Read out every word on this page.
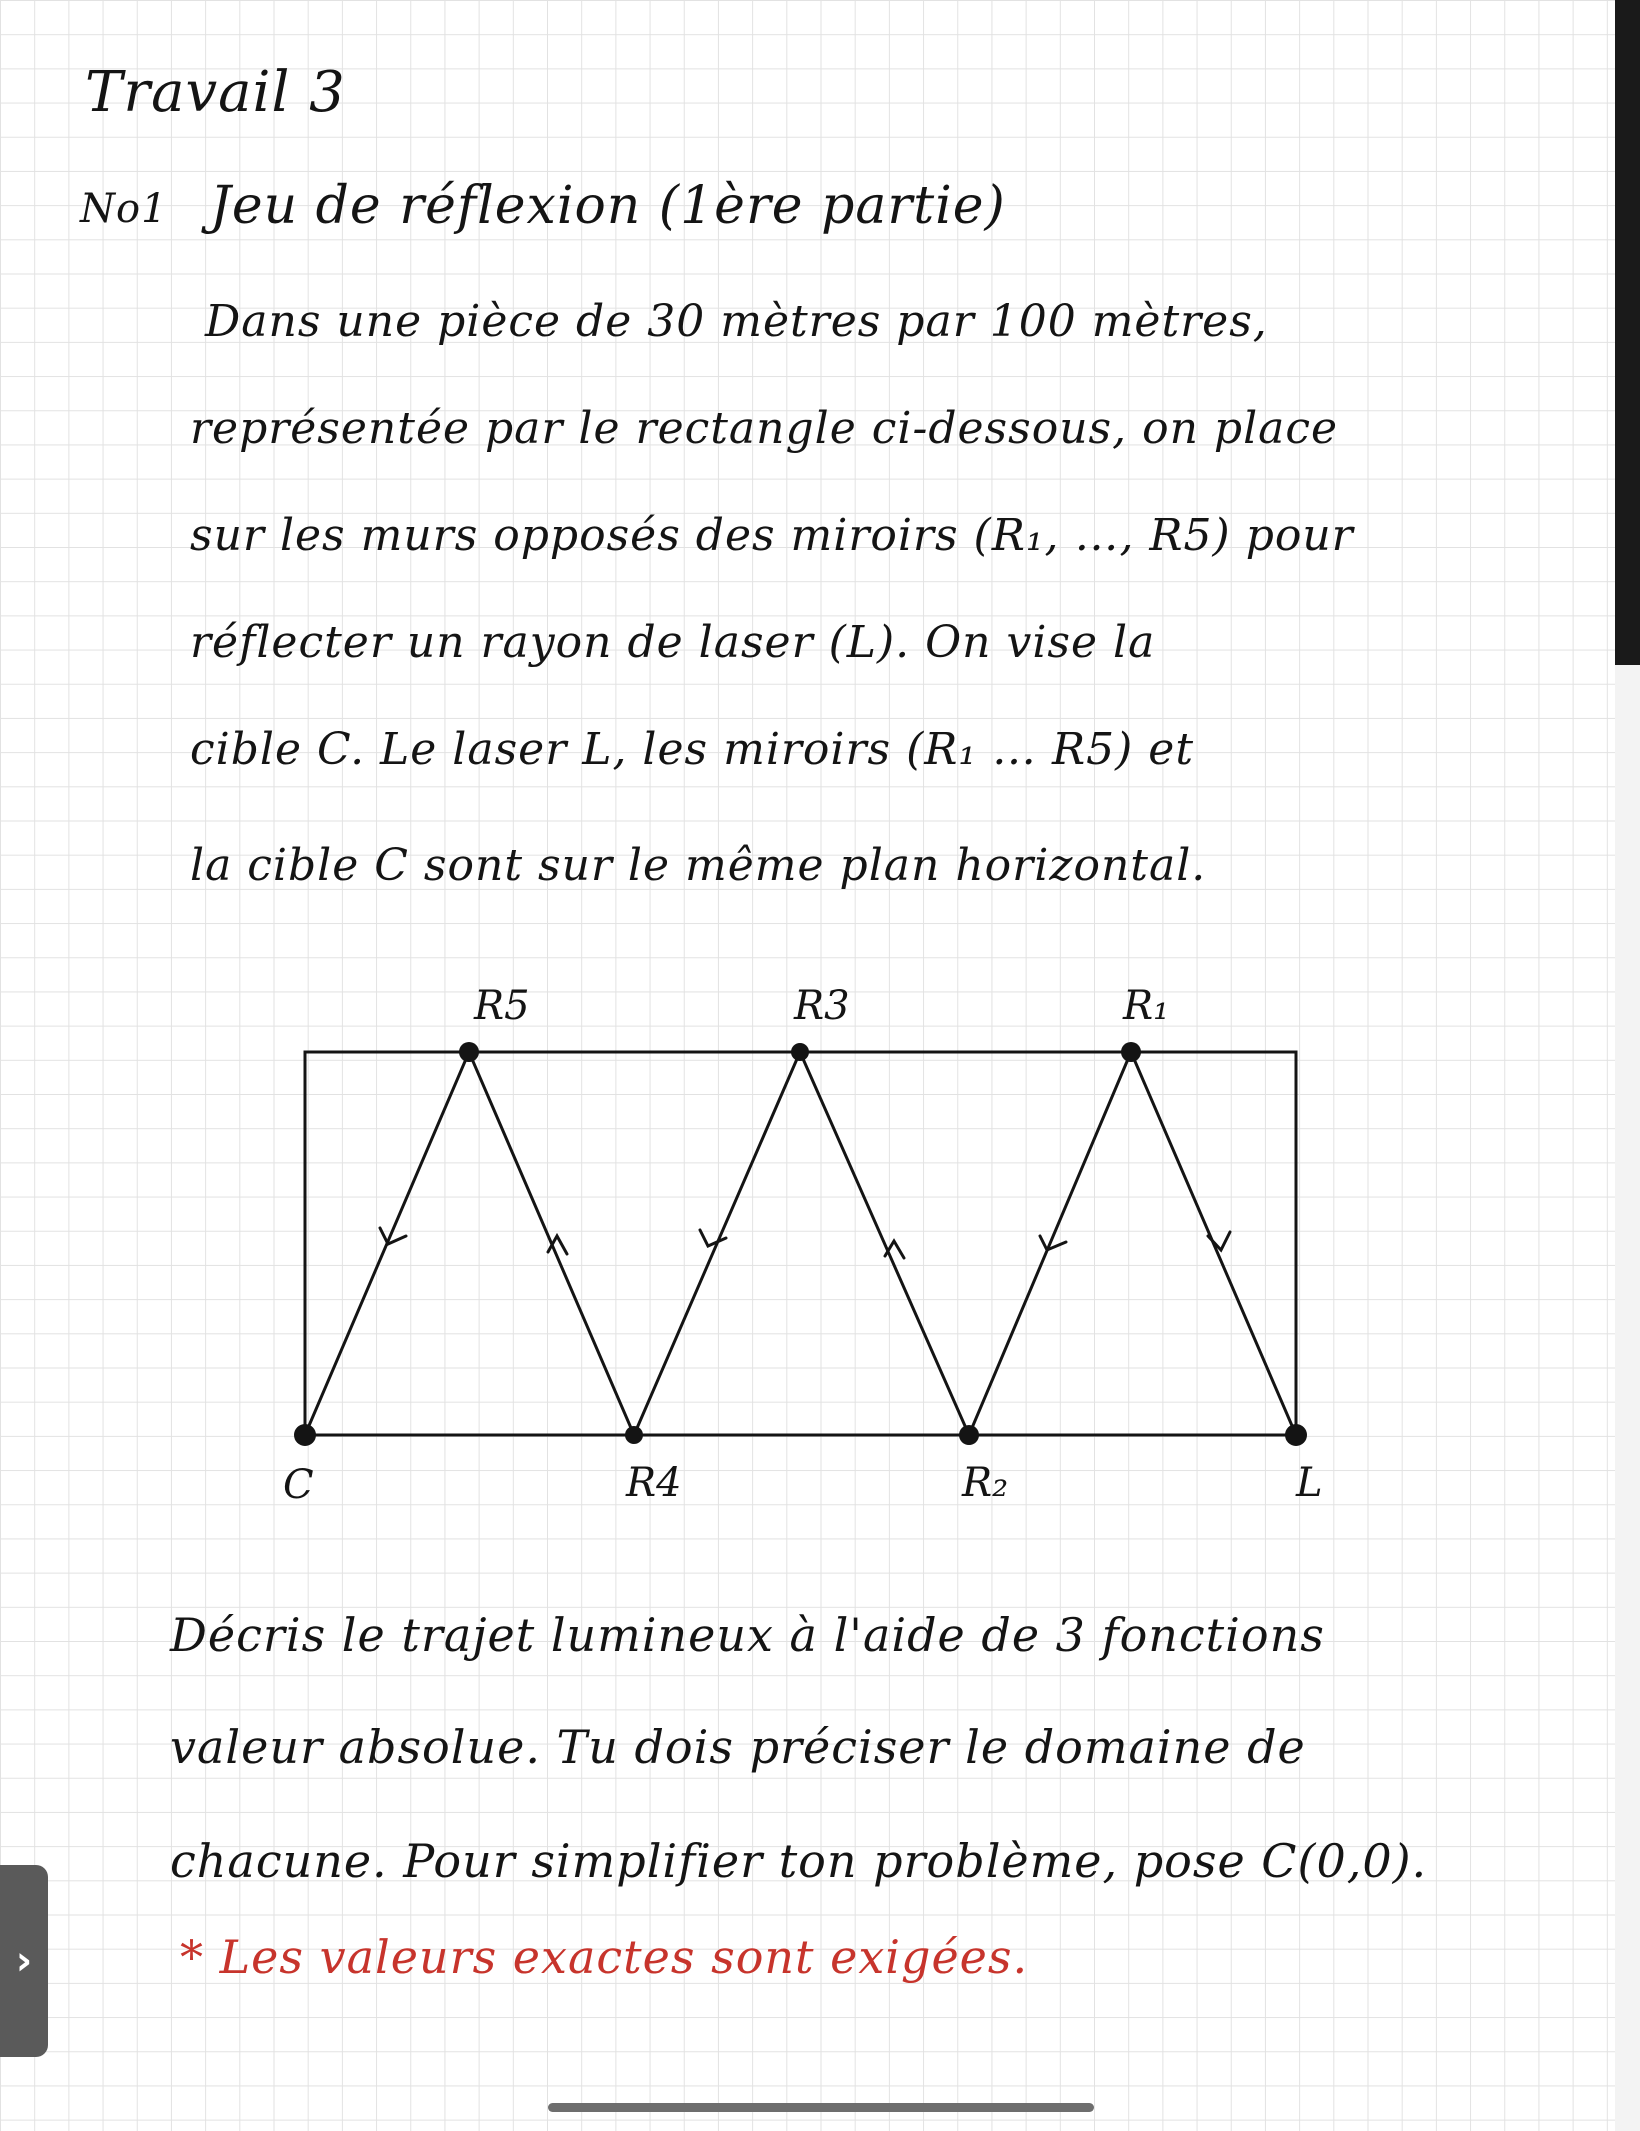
Travail 3
No1 Jeu de réflexion (1ère partie)
Dans une pièce de 30 mètres par 100 mètres,
représentée par le rectangle ci-dessous, on place
sur les murs opposés des miroirs (R₁, …, R5) pour
réflecter un rayon de laser (L). On vise la
cible C. Le laser L, les miroirs (R₁ … R5) et
la cible C sont sur le même plan horizontal.
R5	R3	R₁
C	R4	R₂	L
Décris le trajet lumineux à l'aide de 3 fonctions
valeur absolue. Tu dois préciser le domaine de
chacune. Pour simplifier ton problème, pose C(0,0).
* Les valeurs exactes sont exigées.
›
